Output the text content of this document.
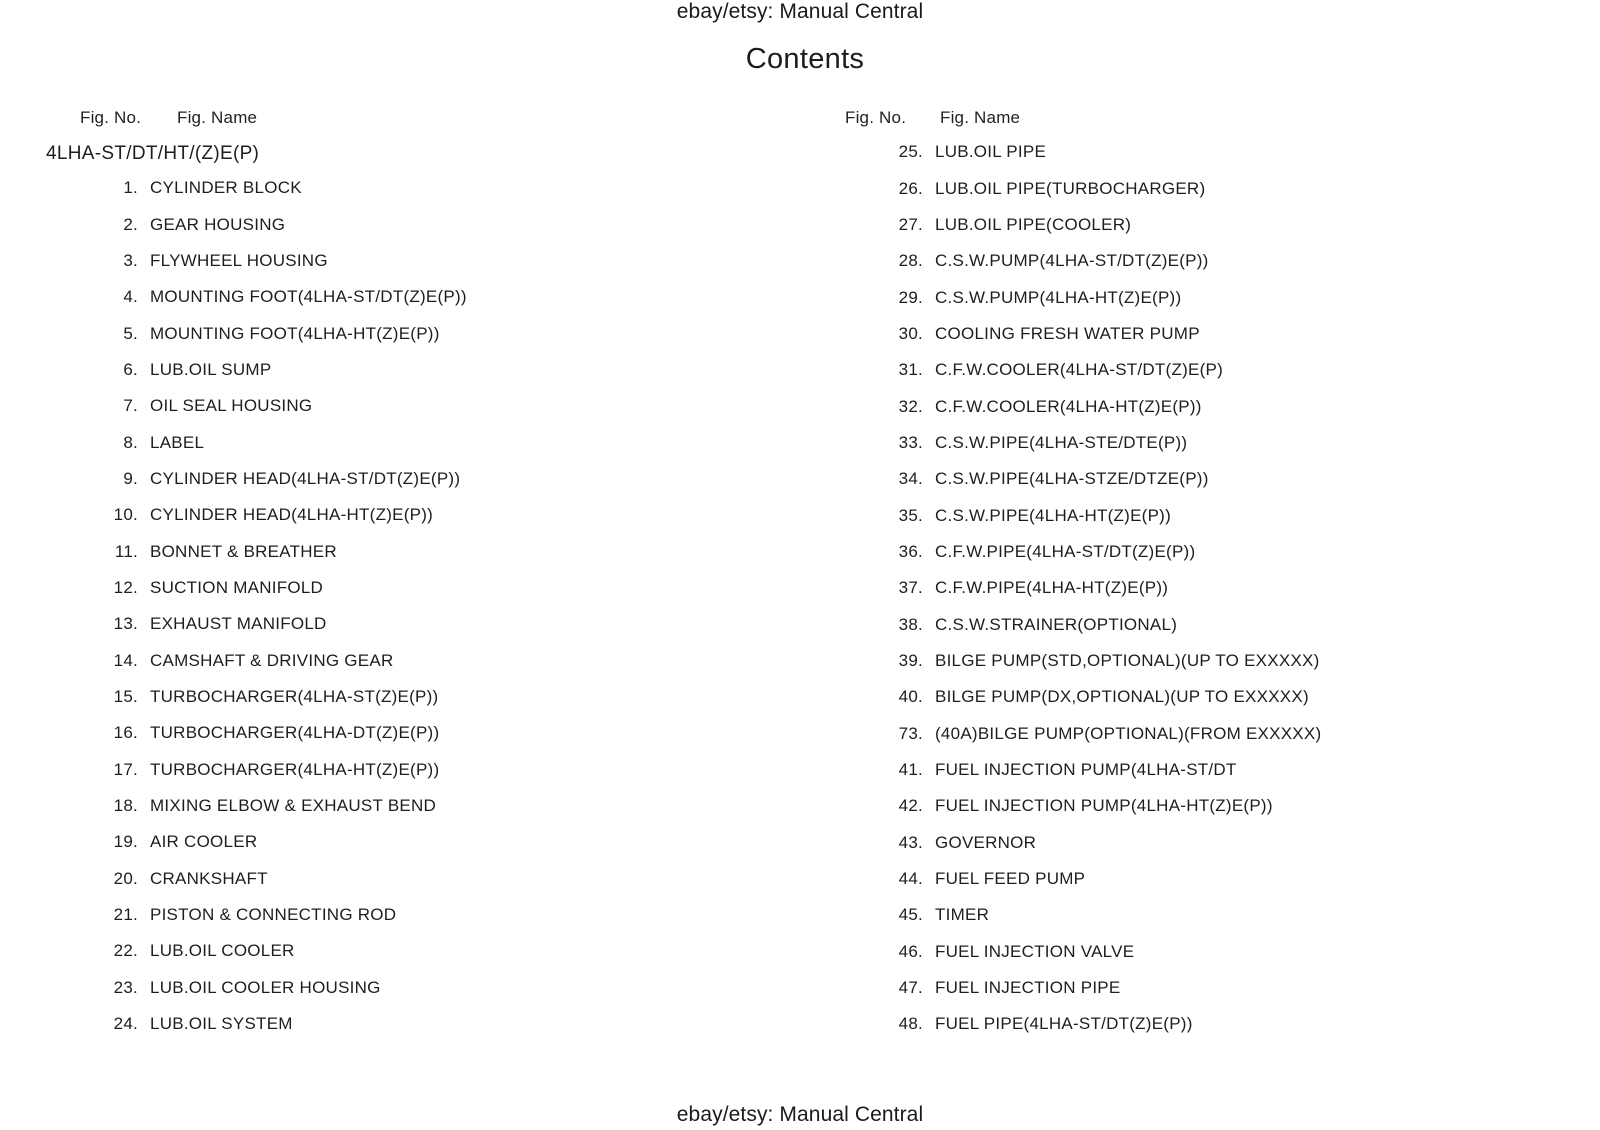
ebay/etsy: Manual Central
Contents
Fig. No. Fig. Name	Fig. No. Fig. Name
4LHA-ST/DT/HT/(Z)E(P)
1. CYLINDER BLOCK
2. GEAR HOUSING
3. FLYWHEEL HOUSING
4. MOUNTING FOOT(4LHA-ST/DT(Z)E(P))
5. MOUNTING FOOT(4LHA-HT(Z)E(P))
6. LUB.OIL SUMP
7. OIL SEAL HOUSING
8. LABEL
9. CYLINDER HEAD(4LHA-ST/DT(Z)E(P))
10. CYLINDER HEAD(4LHA-HT(Z)E(P))
11. BONNET & BREATHER
12. SUCTION MANIFOLD
13. EXHAUST MANIFOLD
14. CAMSHAFT & DRIVING GEAR
15. TURBOCHARGER(4LHA-ST(Z)E(P))
16. TURBOCHARGER(4LHA-DT(Z)E(P))
17. TURBOCHARGER(4LHA-HT(Z)E(P))
18. MIXING ELBOW & EXHAUST BEND
19. AIR COOLER
20. CRANKSHAFT
21. PISTON & CONNECTING ROD
22. LUB.OIL COOLER
23. LUB.OIL COOLER HOUSING
24. LUB.OIL SYSTEM
25. LUB.OIL PIPE
26. LUB.OIL PIPE(TURBOCHARGER)
27. LUB.OIL PIPE(COOLER)
28. C.S.W.PUMP(4LHA-ST/DT(Z)E(P))
29. C.S.W.PUMP(4LHA-HT(Z)E(P))
30. COOLING FRESH WATER PUMP
31. C.F.W.COOLER(4LHA-ST/DT(Z)E(P)
32. C.F.W.COOLER(4LHA-HT(Z)E(P))
33. C.S.W.PIPE(4LHA-STE/DTE(P))
34. C.S.W.PIPE(4LHA-STZE/DTZE(P))
35. C.S.W.PIPE(4LHA-HT(Z)E(P))
36. C.F.W.PIPE(4LHA-ST/DT(Z)E(P))
37. C.F.W.PIPE(4LHA-HT(Z)E(P))
38. C.S.W.STRAINER(OPTIONAL)
39. BILGE PUMP(STD,OPTIONAL)(UP TO EXXXXX)
40. BILGE PUMP(DX,OPTIONAL)(UP TO EXXXXX)
73. (40A)BILGE PUMP(OPTIONAL)(FROM EXXXXX)
41. FUEL INJECTION PUMP(4LHA-ST/DT
42. FUEL INJECTION PUMP(4LHA-HT(Z)E(P))
43. GOVERNOR
44. FUEL FEED PUMP
45. TIMER
46. FUEL INJECTION VALVE
47. FUEL INJECTION PIPE
48. FUEL PIPE(4LHA-ST/DT(Z)E(P))
ebay/etsy: Manual Central
